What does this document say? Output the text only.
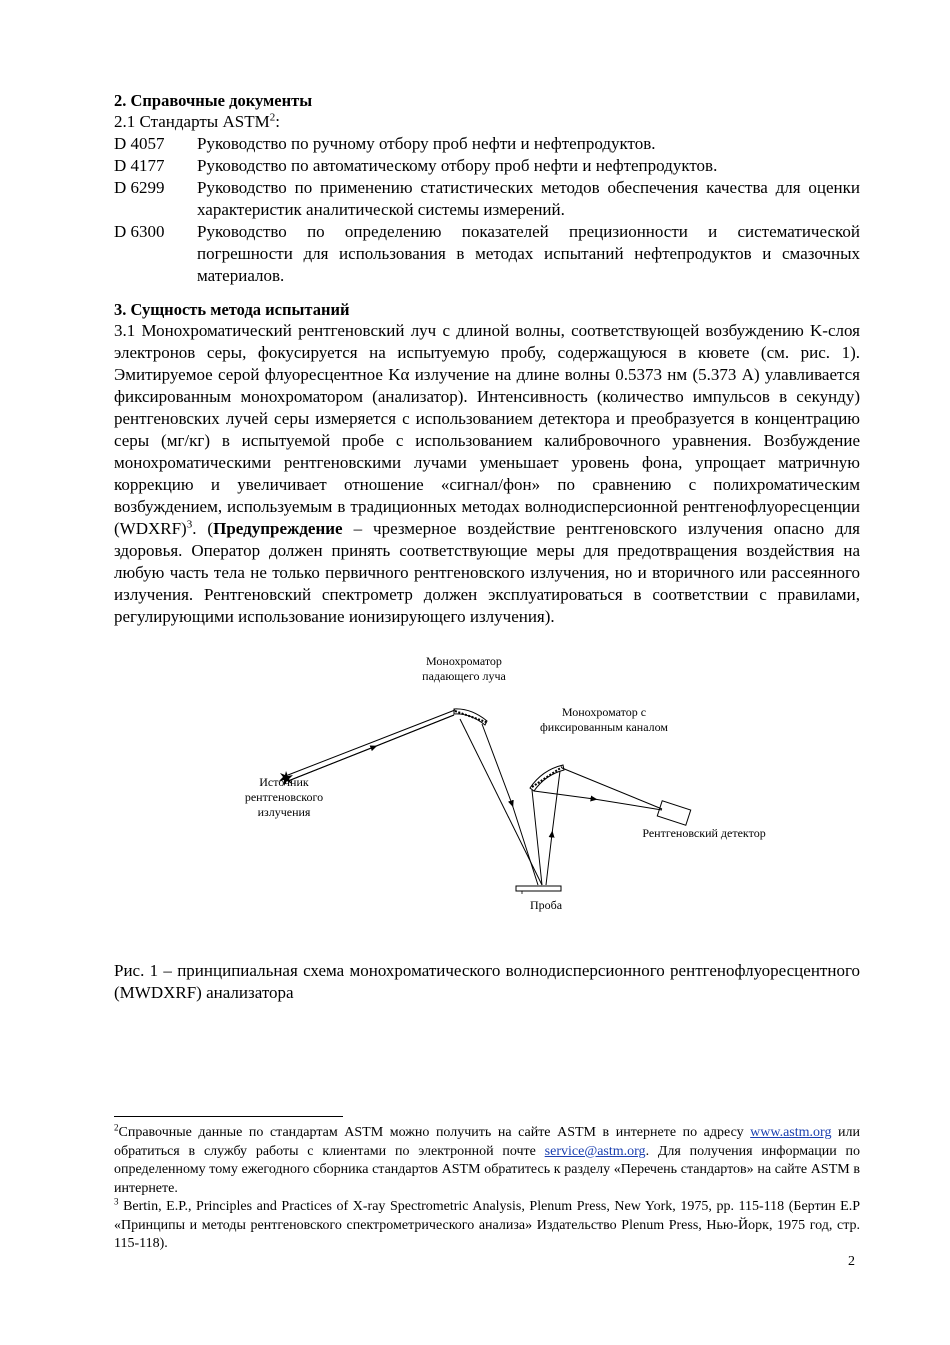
2. Справочные документы
2.1 Стандарты ASTM$^2$:
D 4057	Руководство по ручному отбору проб нефти и нефтепродуктов.
D 4177	Руководство по автоматическому отбору проб нефти и нефтепродуктов.
D 6299	Руководство по применению статистических методов обеспечения качества для оценки характеристик аналитической системы измерений.
D 6300	Руководство по определению показателей прецизионности и систематической погрешности для использования в методах испытаний нефтепродуктов и смазочных материалов.
3. Сущность метода испытаний
3.1 Монохроматический рентгеновский луч с длиной волны, соответствующей возбуждению K-слоя электронов серы, фокусируется на испытуемую пробу, содержащуюся в кювете (см. рис. 1). Эмитируемое серой флуоресцентное Kα излучение на длине волны 0.5373 нм (5.373 A) улавливается фиксированным монохроматором (анализатор). Интенсивность (количество импульсов в секунду) рентгеновских лучей серы измеряется с использованием детектора и преобразуется в концентрацию серы (мг/кг) в испытуемой пробе с использованием калибровочного уравнения. Возбуждение монохроматическими рентгеновскими лучами уменьшает уровень фона, упрощает матричную коррекцию и увеличивает отношение «сигнал/фон» по сравнению с полихроматическим возбуждением, используемым в традиционных методах волнодисперсионной рентгенофлуоресценции (WDXRF)$^3$. (Предупреждение – чрезмерное воздействие рентгеновского излучения опасно для здоровья. Оператор должен принять соответствующие меры для предотвращения воздействия на любую часть тела не только первичного рентгеновского излучения, но и вторичного или рассеянного излучения. Рентгеновский спектрометр должен эксплуатироваться в соответствии с правилами, регулирующими использование ионизирующего излучения).
Монохроматор
падающего луча
Монохроматор с
фиксированным каналом
Источник
рентгеновского
излучения
Рентгеновский детектор
Проба
Рис. 1 – принципиальная схема монохроматического волнодисперсионного рентгенофлуоресцентного (MWDXRF) анализатора
$^2$Справочные данные по стандартам ASTM можно получить на сайте ASTM в интернете по адресу www.astm.org или обратиться в службу работы с клиентами по электронной почте service@astm.org. Для получения информации по определенному тому ежегодного сборника стандартов ASTM обратитесь к разделу «Перечень стандартов» на сайте ASTM в интернете.
$^3$ Bertin, E.P., Principles and Practices of X-ray Spectrometric Analysis, Plenum Press, New York, 1975, pp. 115-118 (Бертин Е.Р «Принципы и методы рентгеновского спектрометрического анализа» Издательство Plenum Press, Нью-Йорк, 1975 год, стр. 115-118).
2
